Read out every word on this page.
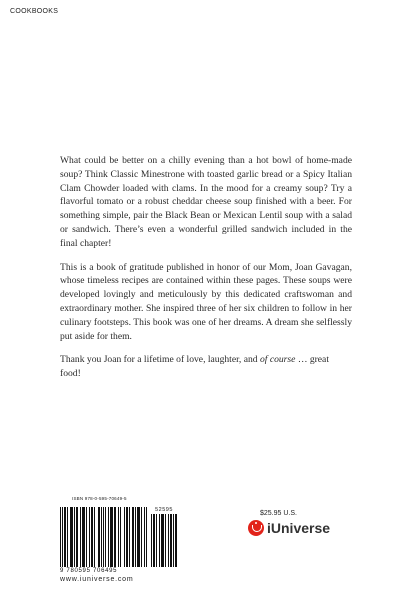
COOKBOOKS

What could be better on a chilly evening than a hot bowl of home-made soup? Think Classic Minestrone with toasted garlic bread or a Spicy Italian Clam Chowder loaded with clams. In the mood for a creamy soup? Try a flavorful tomato or a robust cheddar cheese soup finished with a beer. For something simple, pair the Black Bean or Mexican Lentil soup with a salad or sandwich. There’s even a wonderful grilled sandwich included in the final chapter!

This is a book of gratitude published in honor of our Mom, Joan Gavagan, whose timeless recipes are contained within these pages. These soups were developed lovingly and meticulously by this dedicated craftswoman and extraordinary mother. She inspired three of her six children to follow in her culinary footsteps. This book was one of her dreams. A dream she selflessly put aside for them.

Thank you Joan for a lifetime of love, laughter, and of course … great food!

ISBN 978-0-595-70649-5
52595
9 780595 706495
www.iuniverse.com
$25.95 U.S.
iUniverse
